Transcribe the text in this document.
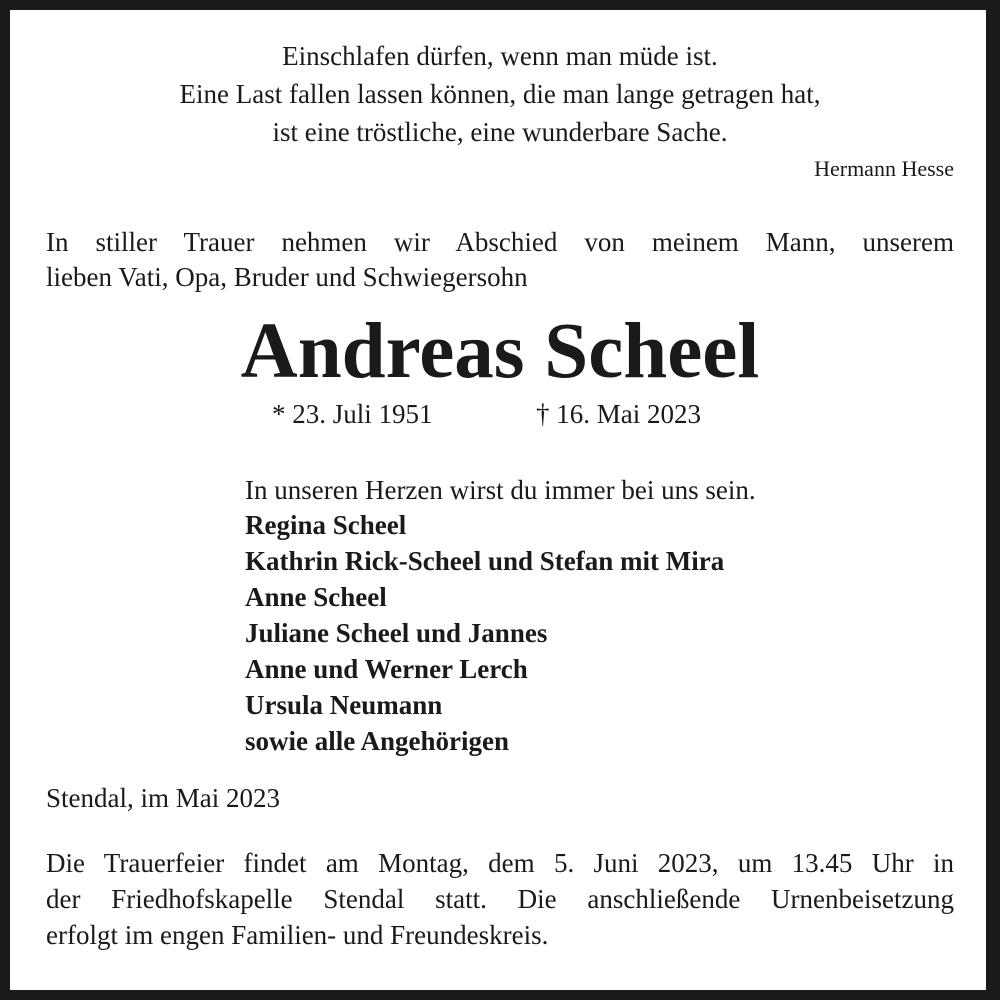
Einschlafen dürfen, wenn man müde ist.

Eine Last fallen lassen können, die man lange getragen hat,

ist eine tröstliche, eine wunderbare Sache.

Hermann Hesse

In stiller Trauer nehmen wir Abschied von meinem Mann, unserem

lieben Vati, Opa, Bruder und Schwiegersohn

Andreas Scheel

* 23. Juli 1951	† 16. Mai 2023

In unseren Herzen wirst du immer bei uns sein.

Regina Scheel

Kathrin Rick-Scheel und Stefan mit Mira

Anne Scheel

Juliane Scheel und Jannes

Anne und Werner Lerch

Ursula Neumann

sowie alle Angehörigen

Stendal, im Mai 2023

Die Trauerfeier findet am Montag, dem 5. Juni 2023, um 13.45 Uhr in

der Friedhofskapelle Stendal statt. Die anschließende Urnenbeisetzung

erfolgt im engen Familien- und Freundeskreis.
